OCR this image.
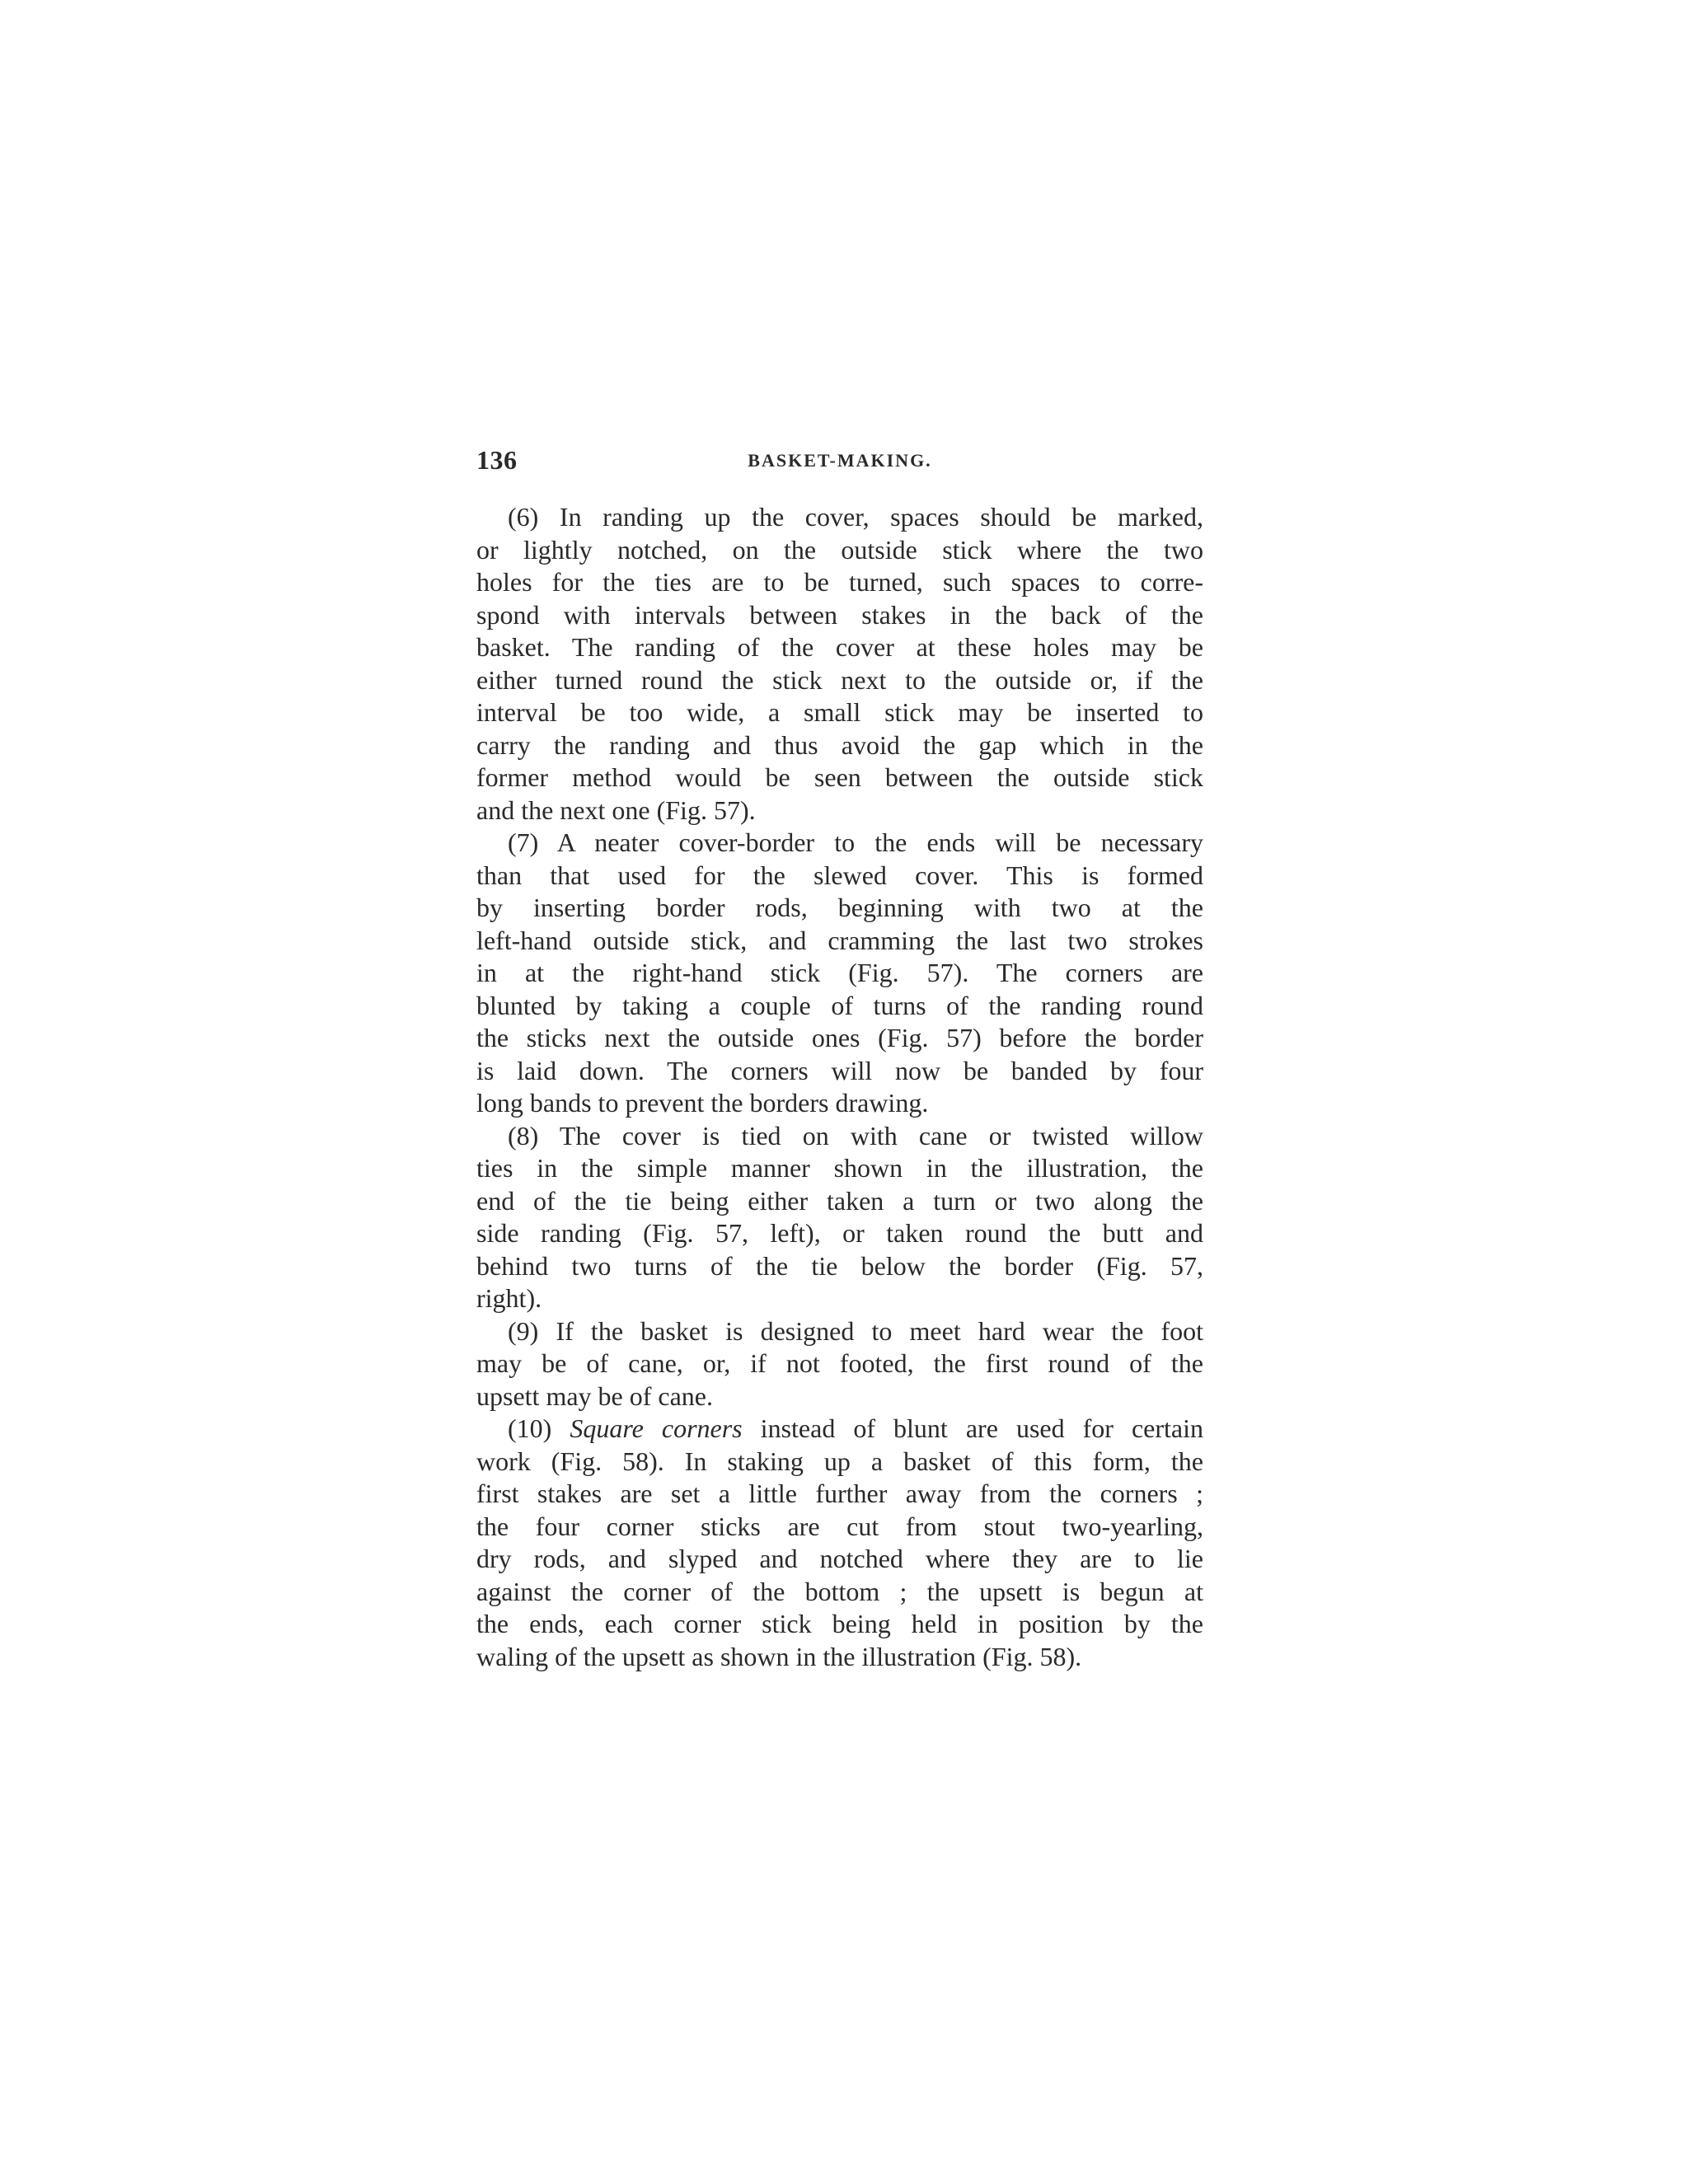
136	BASKET-MAKING.

(6) In randing up the cover, spaces should be marked,
or lightly notched, on the outside stick where the two
holes for the ties are to be turned, such spaces to corre-
spond with intervals between stakes in the back of the
basket. The randing of the cover at these holes may be
either turned round the stick next to the outside or, if the
interval be too wide, a small stick may be inserted to
carry the randing and thus avoid the gap which in the
former method would be seen between the outside stick
and the next one (Fig. 57).

(7) A neater cover-border to the ends will be necessary
than that used for the slewed cover. This is formed
by inserting border rods, beginning with two at the
left-hand outside stick, and cramming the last two strokes
in at the right-hand stick (Fig. 57). The corners are
blunted by taking a couple of turns of the randing round
the sticks next the outside ones (Fig. 57) before the border
is laid down. The corners will now be banded by four
long bands to prevent the borders drawing.

(8) The cover is tied on with cane or twisted willow
ties in the simple manner shown in the illustration, the
end of the tie being either taken a turn or two along the
side randing (Fig. 57, left), or taken round the butt and
behind two turns of the tie below the border (Fig. 57,
right).

(9) If the basket is designed to meet hard wear the foot
may be of cane, or, if not footed, the first round of the
upsett may be of cane.

(10) Square corners instead of blunt are used for certain
work (Fig. 58). In staking up a basket of this form, the
first stakes are set a little further away from the corners ;
the four corner sticks are cut from stout two-yearling,
dry rods, and slyped and notched where they are to lie
against the corner of the bottom ; the upsett is begun at
the ends, each corner stick being held in position by the
waling of the upsett as shown in the illustration (Fig. 58).
